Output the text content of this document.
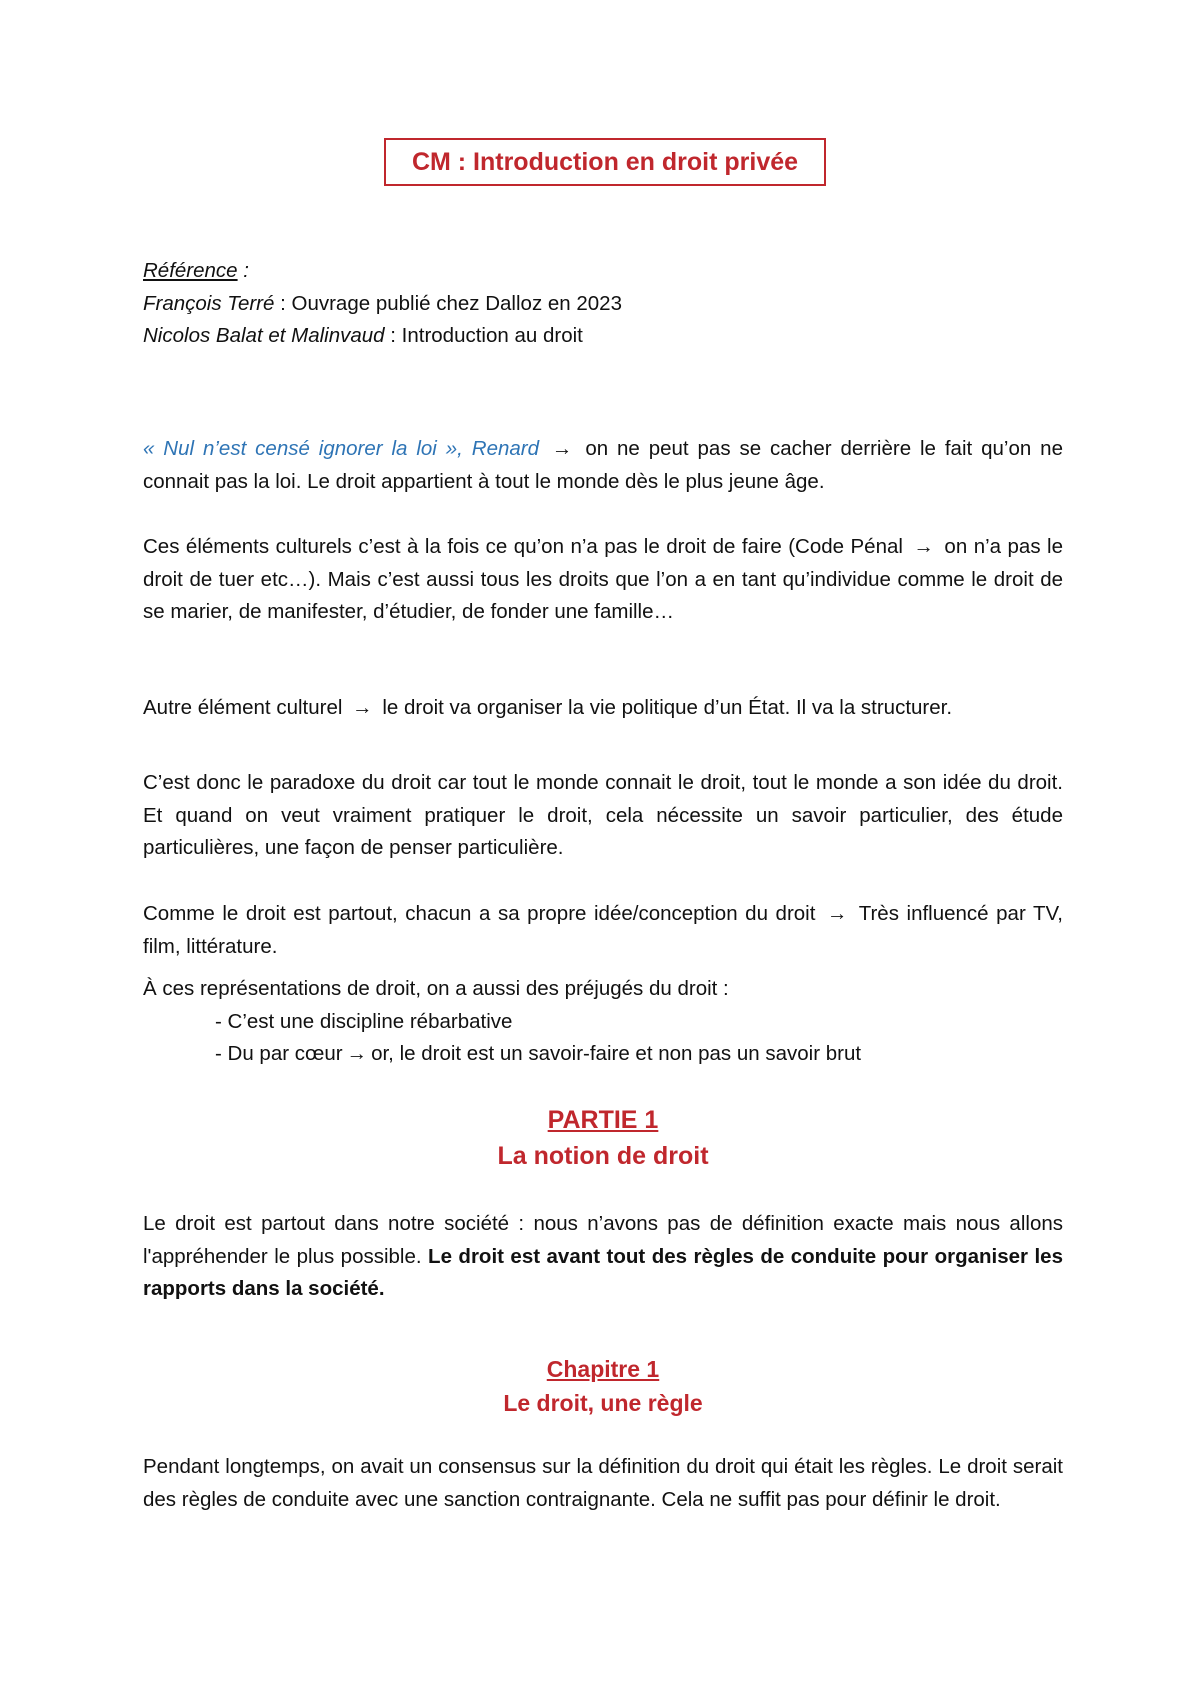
CM : Introduction en droit privée
Référence :
François Terré : Ouvrage publié chez Dalloz en 2023
Nicolos Balat et Malinvaud : Introduction au droit
« Nul n’est censé ignorer la loi », Renard → on ne peut pas se cacher derrière le fait qu’on ne connait pas la loi. Le droit appartient à tout le monde dès le plus jeune âge.
Ces éléments culturels c’est à la fois ce qu’on n’a pas le droit de faire (Code Pénal → on n’a pas le droit de tuer etc…). Mais c’est aussi tous les droits que l’on a en tant qu’individue comme le droit de se marier, de manifester, d’étudier, de fonder une famille…
Autre élément culturel → le droit va organiser la vie politique d’un État. Il va la structurer.
C’est donc le paradoxe du droit car tout le monde connait le droit, tout le monde a son idée du droit. Et quand on veut vraiment pratiquer le droit, cela nécessite un savoir particulier, des étude particulières, une façon de penser particulière.
Comme le droit est partout, chacun a sa propre idée/conception du droit → Très influencé par TV, film, littérature.
À ces représentations de droit, on a aussi des préjugés du droit :
- C’est une discipline rébarbative
- Du par cœur → or, le droit est un savoir-faire et non pas un savoir brut
PARTIE 1
La notion de droit
Le droit est partout dans notre société : nous n’avons pas de définition exacte mais nous allons l'appréhender le plus possible. Le droit est avant tout des règles de conduite pour organiser les rapports dans la société.
Chapitre 1
Le droit, une règle
Pendant longtemps, on avait un consensus sur la définition du droit qui était les règles. Le droit serait des règles de conduite avec une sanction contraignante. Cela ne suffit pas pour définir le droit.
